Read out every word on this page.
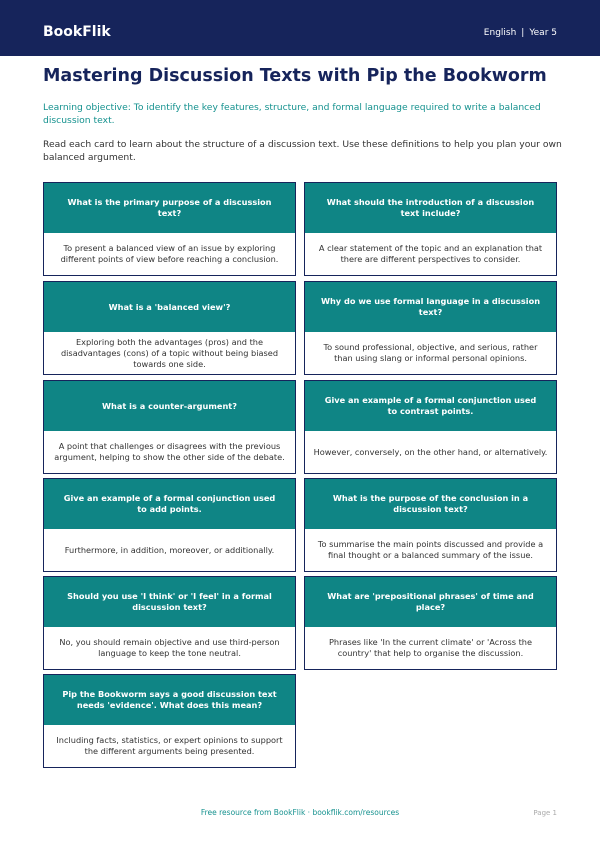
BookFlik	English | Year 5
Mastering Discussion Texts with Pip the Bookworm

Learning objective: To identify the key features, structure, and formal language required to write a balanced discussion text.

Read each card to learn about the structure of a discussion text. Use these definitions to help you plan your own balanced argument.

What is the primary purpose of a discussion text?
To present a balanced view of an issue by exploring different points of view before reaching a conclusion.
What should the introduction of a discussion text include?
A clear statement of the topic and an explanation that there are different perspectives to consider.
What is a 'balanced view'?
Exploring both the advantages (pros) and the disadvantages (cons) of a topic without being biased towards one side.
Why do we use formal language in a discussion text?
To sound professional, objective, and serious, rather than using slang or informal personal opinions.
What is a counter-argument?
A point that challenges or disagrees with the previous argument, helping to show the other side of the debate.
Give an example of a formal conjunction used to contrast points.
However, conversely, on the other hand, or alternatively.
Give an example of a formal conjunction used to add points.
Furthermore, in addition, moreover, or additionally.
What is the purpose of the conclusion in a discussion text?
To summarise the main points discussed and provide a final thought or a balanced summary of the issue.
Should you use 'I think' or 'I feel' in a formal discussion text?
No, you should remain objective and use third-person language to keep the tone neutral.
What are 'prepositional phrases' of time and place?
Phrases like 'In the current climate' or 'Across the country' that help to organise the discussion.
Pip the Bookworm says a good discussion text needs 'evidence'. What does this mean?
Including facts, statistics, or expert opinions to support the different arguments being presented.
Free resource from BookFlik · bookflik.com/resources	Page 1
